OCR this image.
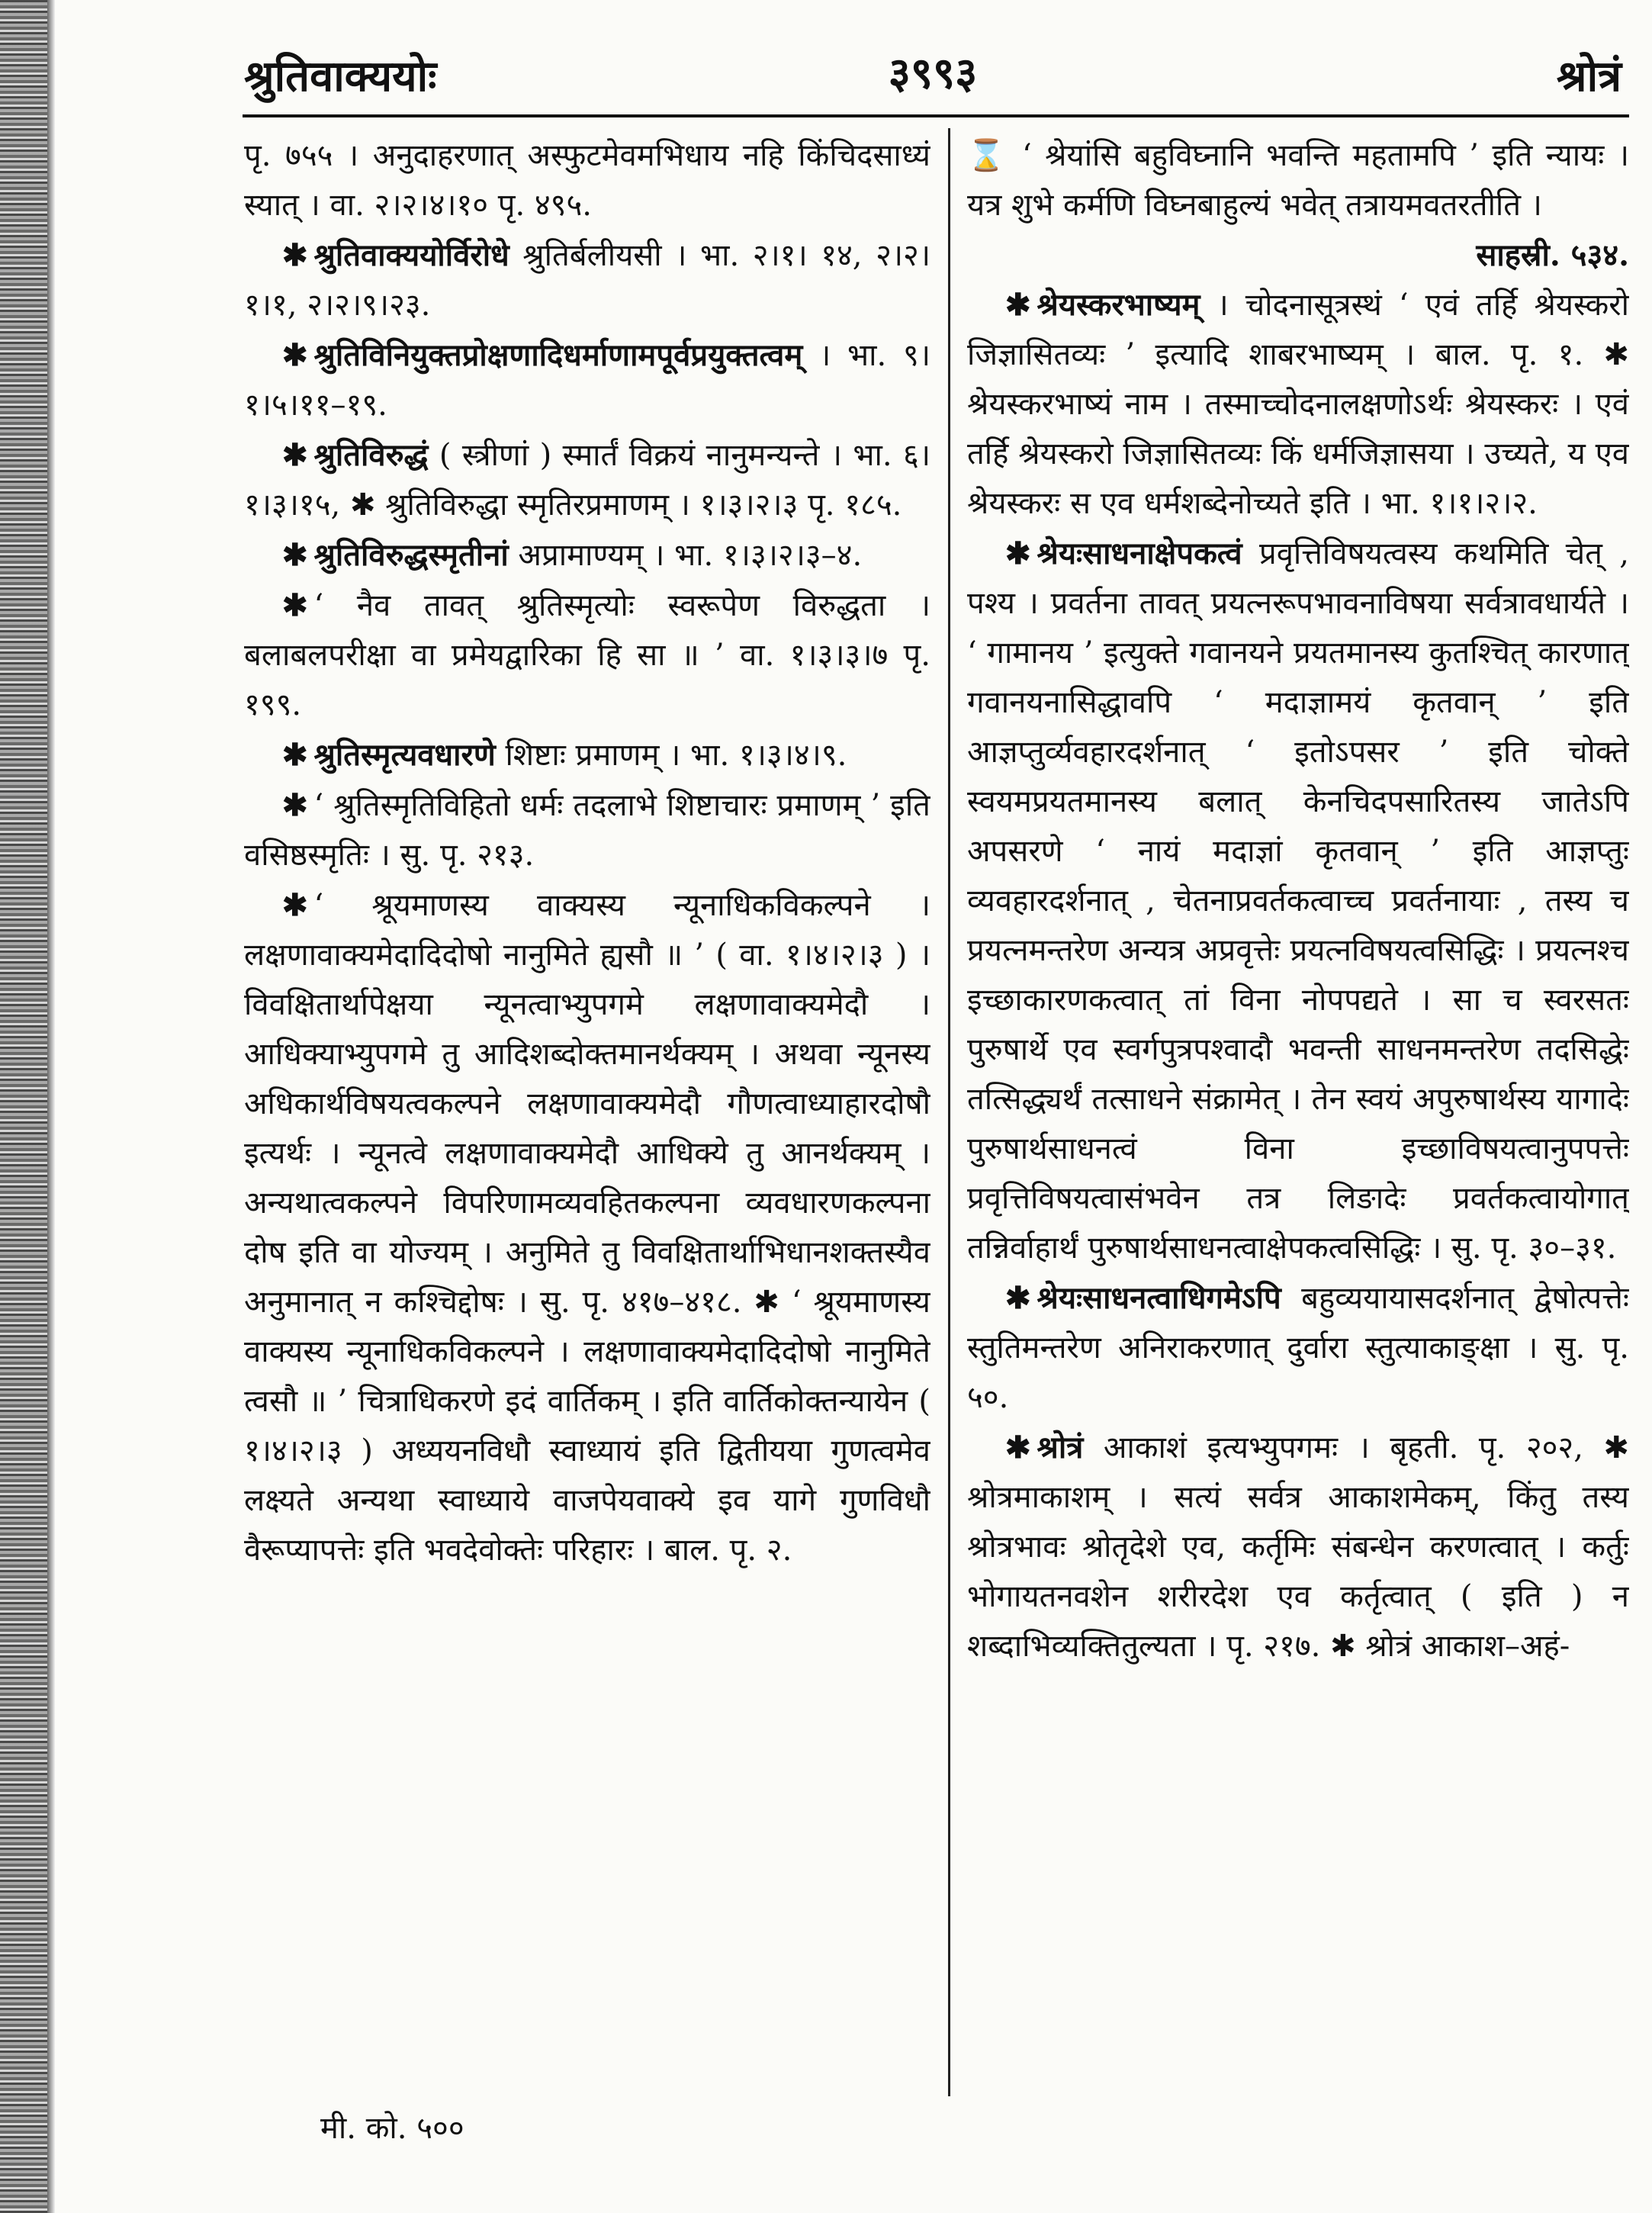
श्रुतिवाक्ययोः	३९९३	श्रोत्रं

पृ. ७५५ । अनुदाहरणात् अस्फुटमेवमभिधाय नहि किंचिदसाध्यं स्यात् । वा. २।२।४।१० पृ. ४९५.

✱ श्रुतिवाक्ययोर्विरोधे श्रुतिर्बलीयसी । भा. २।१। १४, २।२।१।१, २।२।९।२३.

✱ श्रुतिविनियुक्तप्रोक्षणादिधर्माणामपूर्वप्रयुक्तत्वम् । भा. ९।१।५।११–१९.

✱ श्रुतिविरुद्धं ( स्त्रीणां ) स्मार्तं विक्रयं नानुमन्यन्ते । भा. ६।१।३।१५, ✱ श्रुतिविरुद्धा स्मृतिरप्रमाणम् । १।३।२।३ पृ. १८५.

✱ श्रुतिविरुद्धस्मृतीनां अप्रामाण्यम् । भा. १।३।२।३–४.

✱ ‘ नैव तावत् श्रुतिस्मृत्योः स्वरूपेण विरुद्धता । बलाबलपरीक्षा वा प्रमेयद्वारिका हि सा ॥ ’ वा. १।३।३।७ पृ. १९९.

✱ श्रुतिस्मृत्यवधारणे शिष्टाः प्रमाणम् । भा. १।३।४।९.

✱ ‘ श्रुतिस्मृतिविहितो धर्मः तदलाभे शिष्टाचारः प्रमाणम् ’ इति वसिष्ठस्मृतिः । सु. पृ. २१३.

✱ ‘ श्रूयमाणस्य वाक्यस्य न्यूनाधिकविकल्पने । लक्षणावाक्यमेदादिदोषो नानुमिते ह्यसौ ॥ ’ ( वा. १।४।२।३ ) । विवक्षितार्थापेक्षया न्यूनत्वाभ्युपगमे लक्षणावाक्यमेदौ । आधिक्याभ्युपगमे तु आदिशब्दोक्तमानर्थक्यम् । अथवा न्यूनस्य अधिकार्थविषयत्वकल्पने लक्षणावाक्यमेदौ गौणत्वाध्याहारदोषौ इत्यर्थः । न्यूनत्वे लक्षणावाक्यमेदौ आधिक्ये तु आनर्थक्यम् । अन्यथात्वकल्पने विपरिणामव्यवहितकल्पना व्यवधारणकल्पना दोष इति वा योज्यम् । अनुमिते तु विवक्षितार्थाभिधानशक्तस्यैव अनुमानात् न कश्चिद्दोषः । सु. पृ. ४१७–४१८. ✱ ‘ श्रूयमाणस्य वाक्यस्य न्यूनाधिकविकल्पने । लक्षणावाक्यमेदादिदोषो नानुमिते त्वसौ ॥ ’ चित्राधिकरणे इदं वार्तिकम् । इति वार्तिकोक्तन्यायेन ( १।४।२।३ ) अध्ययनविधौ स्वाध्यायं इति द्वितीयया गुणत्वमेव लक्ष्यते अन्यथा स्वाध्याये वाजपेयवाक्ये इव यागे गुणविधौ वैरूप्यापत्तेः इति भवदेवोक्तेः परिहारः । बाल. पृ. २.

⌛ ‘ श्रेयांसि बहुविघ्नानि भवन्ति महतामपि ’ इति न्यायः । यत्र शुभे कर्मणि विघ्नबाहुल्यं भवेत् तत्रायमवतरतीति ।
साहस्री. ५३४.

✱ श्रेयस्करभाष्यम् । चोदनासूत्रस्थं ‘ एवं तर्हि श्रेयस्करो जिज्ञासितव्यः ’ इत्यादि शाबरभाष्यम् । बाल. पृ. १. ✱ श्रेयस्करभाष्यं नाम । तस्माच्चोदनालक्षणोऽर्थः श्रेयस्करः । एवं तर्हि श्रेयस्करो जिज्ञासितव्यः किं धर्मजिज्ञासया । उच्यते, य एव श्रेयस्करः स एव धर्मशब्देनोच्यते इति । भा. १।१।२।२.

✱ श्रेयःसाधनाक्षेपकत्वं प्रवृत्तिविषयत्वस्य कथमिति चेत् , पश्य । प्रवर्तना तावत् प्रयत्नरूपभावनाविषया सर्वत्रावधार्यते । ‘ गामानय ’ इत्युक्ते गवानयने प्रयतमानस्य कुतश्चित् कारणात् गवानयनासिद्धावपि ‘ मदाज्ञामयं कृतवान् ’ इति आज्ञप्तुर्व्यवहारदर्शनात् ‘ इतोऽपसर ’ इति चोक्ते स्वयमप्रयतमानस्य बलात् केनचिदपसारितस्य जातेऽपि अपसरणे ‘ नायं मदाज्ञां कृतवान् ’ इति आज्ञप्तुः व्यवहारदर्शनात् , चेतनाप्रवर्तकत्वाच्च प्रवर्तनायाः , तस्य च प्रयत्नमन्तरेण अन्यत्र अप्रवृत्तेः प्रयत्नविषयत्वसिद्धिः । प्रयत्नश्च इच्छाकारणकत्वात् तां विना नोपपद्यते । सा च स्वरसतः पुरुषार्थे एव स्वर्गपुत्रपश्वादौ भवन्ती साधनमन्तरेण तदसिद्धेः तत्सिद्ध्यर्थं तत्साधने संक्रामेत् । तेन स्वयं अपुरुषार्थस्य यागादेः पुरुषार्थसाधनत्वं विना इच्छाविषयत्वानुपपत्तेः प्रवृत्तिविषयत्वासंभवेन तत्र लिङादेः प्रवर्तकत्वायोगात् तन्निर्वाहार्थं पुरुषार्थसाधनत्वाक्षेपकत्वसिद्धिः । सु. पृ. ३०–३१.

✱ श्रेयःसाधनत्वाधिगमेऽपि बहुव्ययायासदर्शनात् द्वेषोत्पत्तेः स्तुतिमन्तरेण अनिराकरणात् दुर्वारा स्तुत्याकाङ्क्षा । सु. पृ. ५०.

✱ श्रोत्रं आकाशं इत्यभ्युपगमः । बृहती. पृ. २०२, ✱ श्रोत्रमाकाशम् । सत्यं सर्वत्र आकाशमेकम्, किंतु तस्य श्रोत्रभावः श्रोतृदेशे एव, कर्तृमिः संबन्धेन करणत्वात् । कर्तुः भोगायतनवशेन शरीरदेश एव कर्तृत्वात् ( इति ) न शब्दाभिव्यक्तितुल्यता । पृ. २१७. ✱ श्रोत्रं आकाश–अहं-

मी. को. ५००
